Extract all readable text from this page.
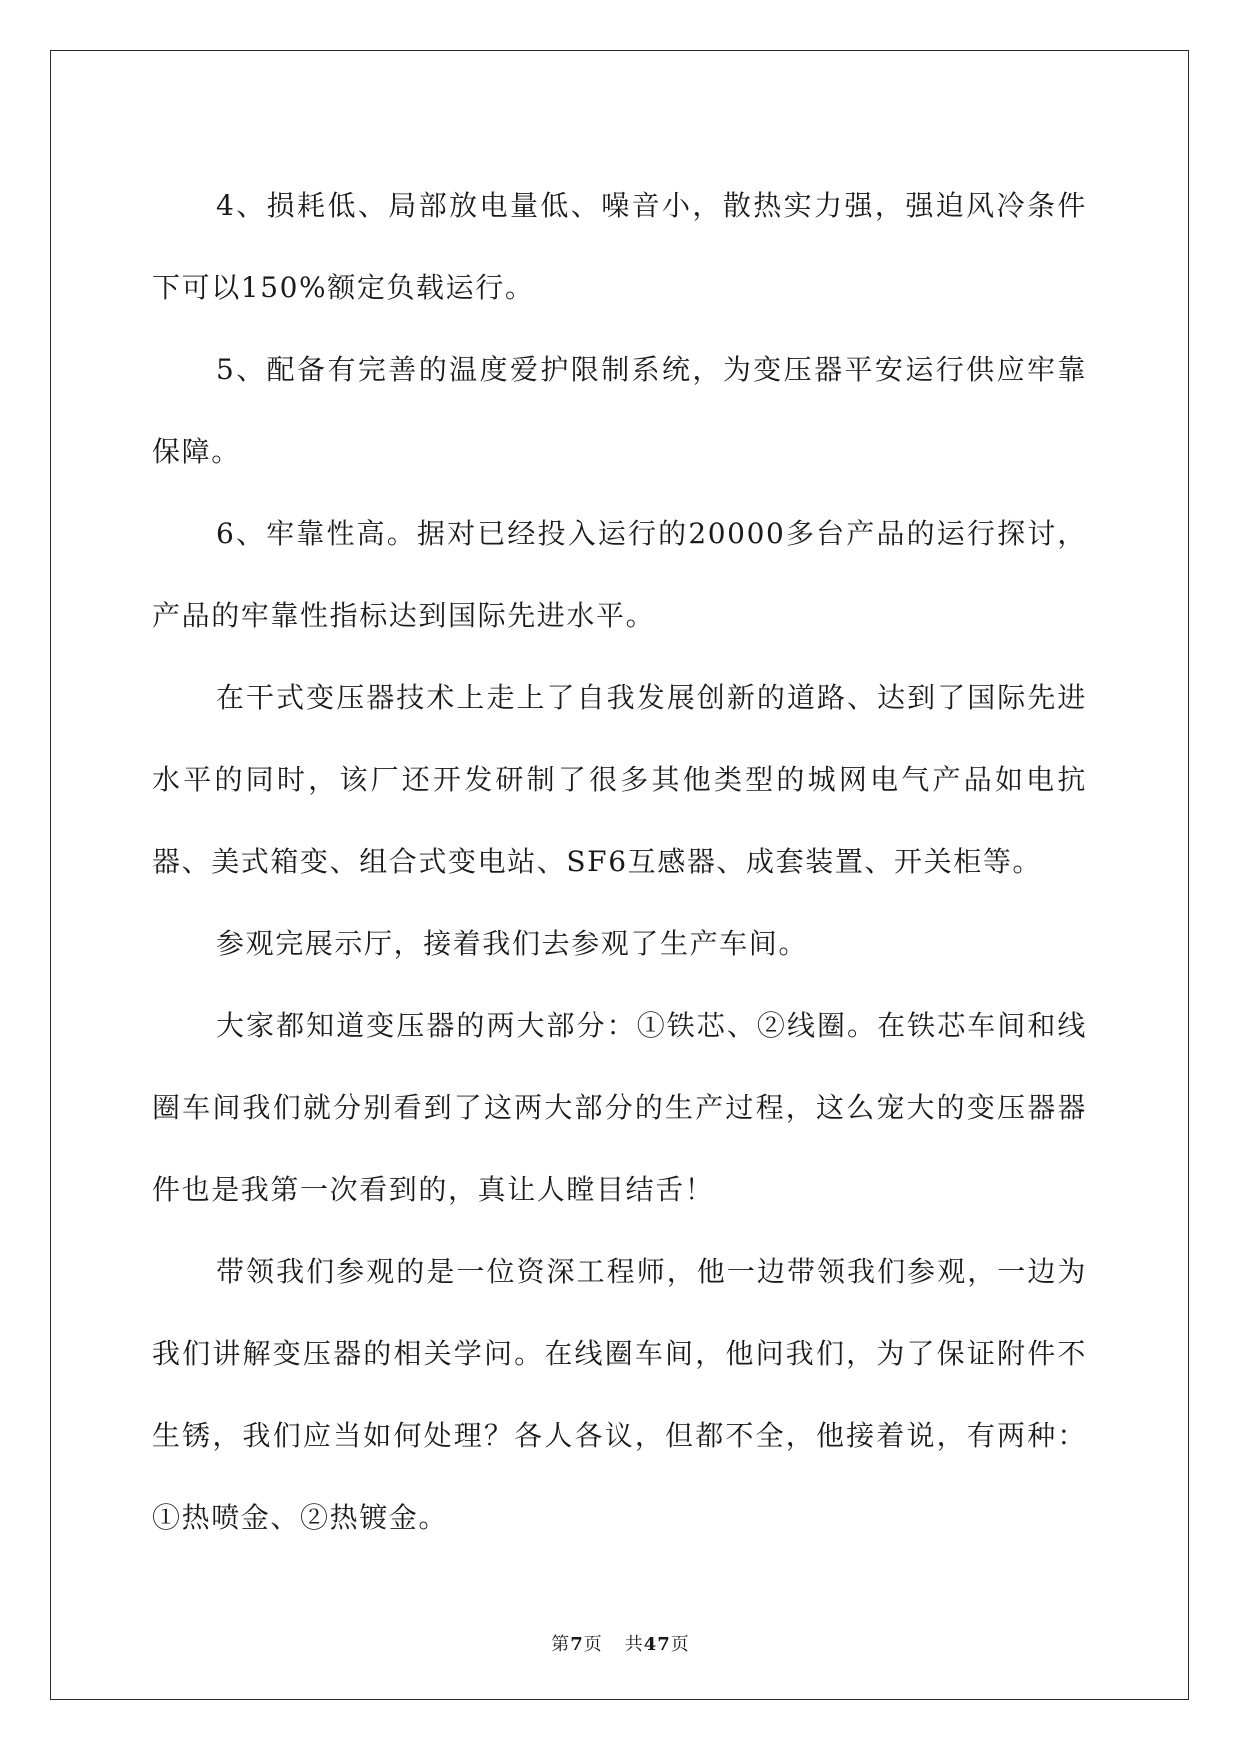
4、损耗低、局部放电量低、噪音小，散热实力强，强迫风冷条件下可以150%额定负载运行。

5、配备有完善的温度爱护限制系统，为变压器平安运行供应牢靠保障。

6、牢靠性高。据对已经投入运行的20000多台产品的运行探讨，产品的牢靠性指标达到国际先进水平。

在干式变压器技术上走上了自我发展创新的道路、达到了国际先进水平的同时，该厂还开发研制了很多其他类型的城网电气产品如电抗器、美式箱变、组合式变电站、SF6互感器、成套装置、开关柜等。

参观完展示厅，接着我们去参观了生产车间。

大家都知道变压器的两大部分：①铁芯、②线圈。在铁芯车间和线圈车间我们就分别看到了这两大部分的生产过程，这么宠大的变压器器件也是我第一次看到的，真让人瞠目结舌！

带领我们参观的是一位资深工程师，他一边带领我们参观，一边为我们讲解变压器的相关学问。在线圈车间，他问我们，为了保证附件不生锈，我们应当如何处理？各人各议，但都不全，他接着说，有两种：①热喷金、②热镀金。

第7页 共47页
